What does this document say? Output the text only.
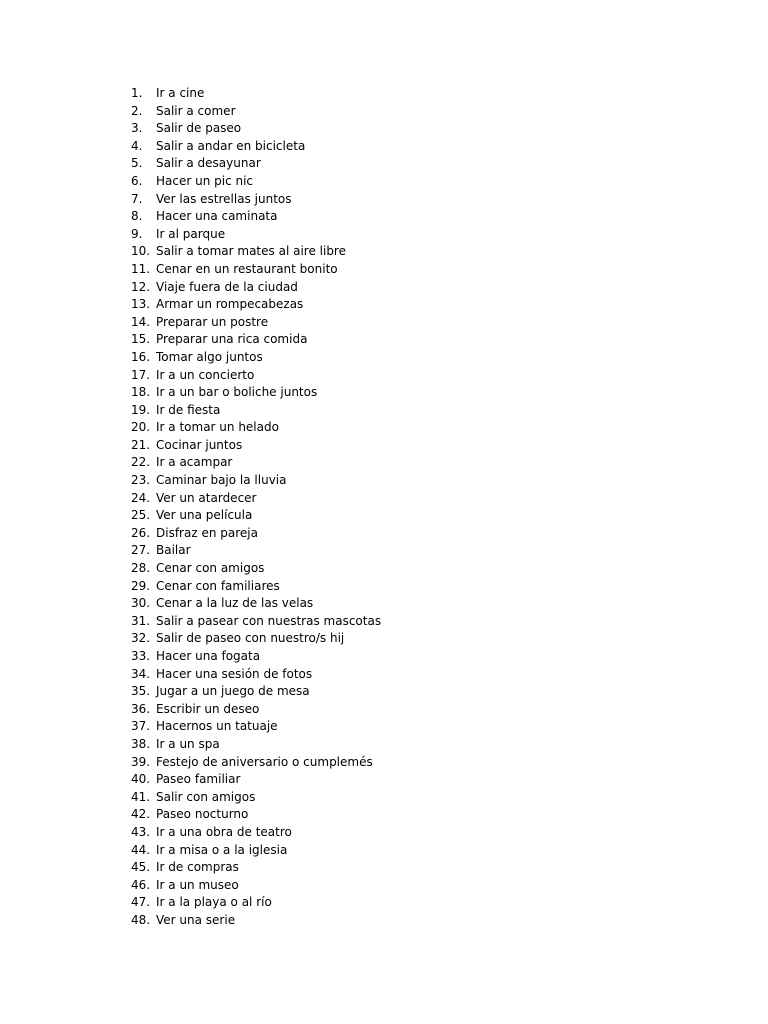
1.	Ir a cine
2.	Salir a comer
3.	Salir de paseo
4.	Salir a andar en bicicleta
5.	Salir a desayunar
6.	Hacer un pic nic
7.	Ver las estrellas juntos
8.	Hacer una caminata
9.	Ir al parque
10. Salir a tomar mates al aire libre
11. Cenar en un restaurant bonito
12. Viaje fuera de la ciudad
13. Armar un rompecabezas
14. Preparar un postre
15. Preparar una rica comida
16. Tomar algo juntos
17. Ir a un concierto
18. Ir a un bar o boliche juntos
19. Ir de fiesta
20. Ir a tomar un helado
21. Cocinar juntos
22. Ir a acampar
23. Caminar bajo la lluvia
24. Ver un atardecer
25. Ver una película
26. Disfraz en pareja
27. Bailar
28. Cenar con amigos
29. Cenar con familiares
30. Cenar a la luz de las velas
31. Salir a pasear con nuestras mascotas
32. Salir de paseo con nuestro/s hij
33. Hacer una fogata
34. Hacer una sesión de fotos
35. Jugar a un juego de mesa
36. Escribir un deseo
37. Hacernos un tatuaje
38. Ir a un spa
39. Festejo de aniversario o cumplemés
40. Paseo familiar
41. Salir con amigos
42. Paseo nocturno
43. Ir a una obra de teatro
44. Ir a misa o a la iglesia
45. Ir de compras
46. Ir a un museo
47. Ir a la playa o al río
48. Ver una serie
